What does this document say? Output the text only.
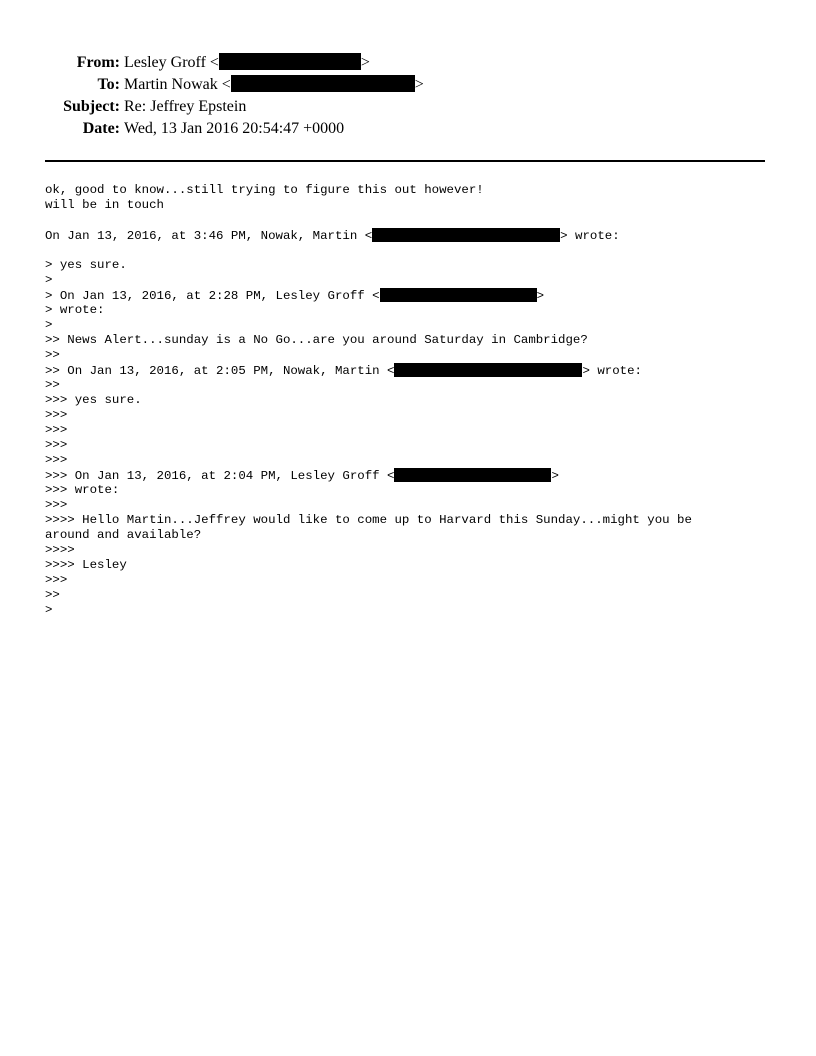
From: Lesley Groff <	>
To: Martin Nowak <	>
Subject: Re: Jeffrey Epstein
Date: Wed, 13 Jan 2016 20:54:47 +0000
ok, good to know...still trying to figure this out however!
will be in touch
On Jan 13, 2016, at 3:46 PM, Nowak, Martin <	> wrote:
> yes sure.
>
> On Jan 13, 2016, at 2:28 PM, Lesley Groff <	>
> wrote:
>
>> News Alert...sunday is a No Go...are you around Saturday in Cambridge?
>>
>> On Jan 13, 2016, at 2:05 PM, Nowak, Martin <	> wrote:
>>
>>> yes sure.
>>>
>>>
>>>
>>>
>>> On Jan 13, 2016, at 2:04 PM, Lesley Groff <	>
>>> wrote:
>>>
>>>> Hello Martin...Jeffrey would like to come up to Harvard this Sunday...might you be
around and available?
>>>>
>>>> Lesley
>>>
>>
>
